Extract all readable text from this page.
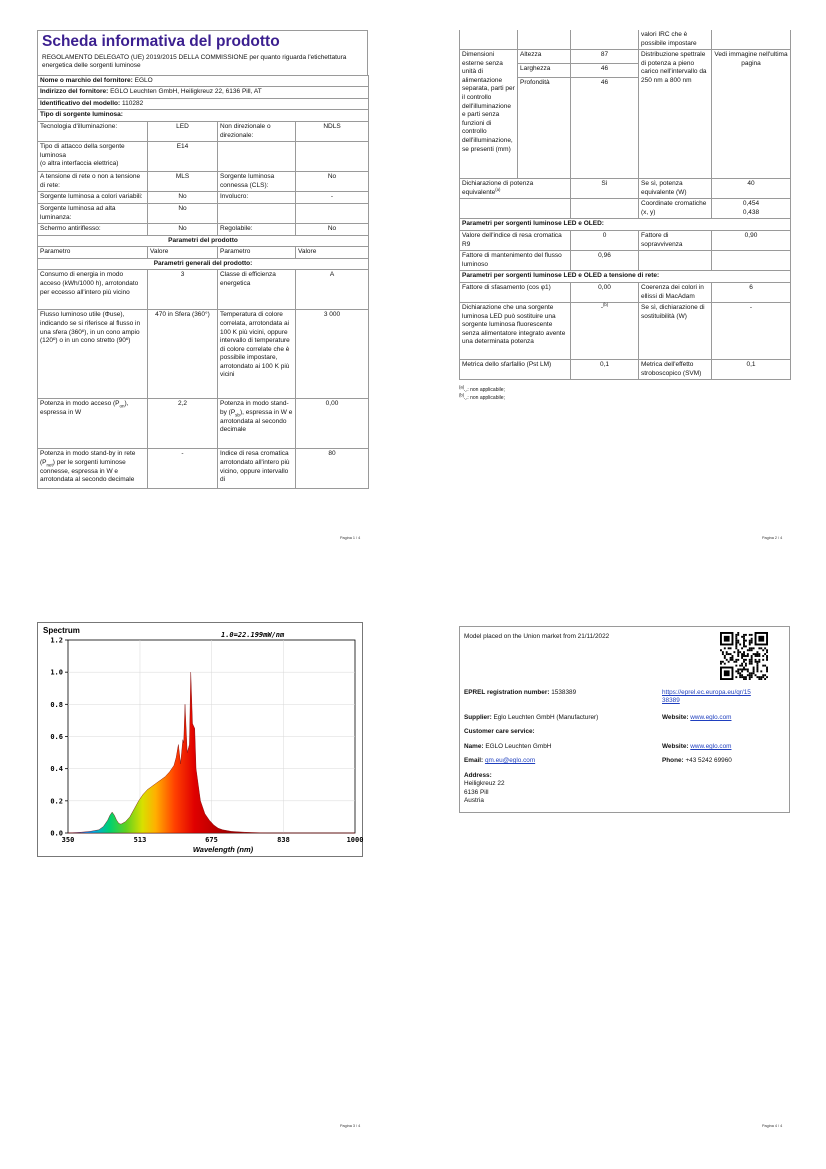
Scheda informativa del prodotto
REGOLAMENTO DELEGATO (UE) 2019/2015 DELLA COMMISSIONE per quanto riguarda l'etichettatura energetica delle sorgenti luminose
Nome o marchio del fornitore: EGLO			
Indirizzo del fornitore: EGLO Leuchten GmbH, Heiligkreuz 22, 6136 Pill, AT			
Identificativo del modello: 110282			
Tipo di sorgente luminosa:			
Tecnologia d'illuminazione:	LED	Non direzionale o direzionale:	NDLS

Tipo di attacco della sorgente luminosa
(o altra interfaccia elettrica)	E14		
A tensione di rete o non a tensione di rete:	MLS	Sorgente luminosa connessa (CLS):	No
Sorgente luminosa a colori variabili:	No	Involucro:	-
Sorgente luminosa ad alta luminanza:	No		
Schermo antiriflesso:	No	Regolabile:	No
Parametri del prodotto			
Parametro	Valore	Parametro	Valore
Parametri generali del prodotto:			
Consumo di energia in modo acceso (kWh/1000 h), arrotondato per eccesso all'intero più vicino	3	Classe di efficienza energetica	A
Flusso luminoso utile (Φuse), indicando se si riferisce al flusso in una sfera (360º), in un cono ampio (120º) o in un cono stretto (90º)	470 in Sfera (360°)	Temperatura di colore correlata, arrotondata ai 100 K più vicini, oppure intervallo di temperature di colore correlate che è possibile impostare, arrotondato ai 100 K più vicini	3 000
Potenza in modo acceso $(P_{on})$, espressa in W	2,2	Potenza in modo stand-by $(P_{sb})$, espressa in W e arrotondata al secondo decimale	0,00
Potenza in modo stand-by in rete $(P_{net})$ per le sorgenti luminose connesse, espressa in W e arrotondata al secondo decimale	-	Indice di resa cromatica arrotondato all'intero più vicino, oppure intervallo di	80
Pagina 1 / 4
			valori IRC che è possibile impostare	
Dimensioni esterne senza unità di alimentazione separata, parti per il controllo dell'illuminazione e parti senza funzioni di controllo dell'illuminazione, se presenti (mm)	Altezza	87	Distribuzione spettrale di potenza a pieno carico nell'intervallo da 250 nm a 800 nm	Vedi immagine nell'ultima pagina
	Larghezza	46		
	Profondità	46		
Dichiarazione di potenza equivalente$^{(a)}$		Sì	Se sì, potenza equivalente (W)	40
			Coordinate cromatiche (x, y)	0,454
0,438

Parametri per sorgenti luminose LED e OLED:				
Valore dell'indice di resa cromatica R9		0	Fattore di sopravvivenza	0,90
Fattore di mantenimento del flusso luminoso		0,96		
Parametri per sorgenti luminose LED e OLED a tensione di rete:				
Fattore di sfasamento (cos φ1)		0,00	Coerenza dei colori in ellissi di MacAdam	6
Dichiarazione che una sorgente luminosa LED può sostituire una sorgente luminosa fluorescente senza alimentatore integrato avente una determinata potenza		-$^{(b)}$	Se sì, dichiarazione di sostituibilità (W)	-
Metrica dello sfarfallio (Pst LM)		0,1	Metrica dell'effetto stroboscopico (SVM)	0,1
$^{(a)}_{'-'}$: non applicabile;
$^{(b)}_{'-'}$: non applicabile;
Pagina 2 / 4
Spectrum	1.0=22.199mW/nm
0.0
0.2
0.4
0.6
0.8
1.0
1.2
350	513	675	838	1000
Wavelength (nm)
Pagina 3 / 4
Model placed on the Union market from 21/11/2022
EPREL registration number: 1538389	https://eprel.ec.europa.eu/qr/15
38389
Supplier: Eglo Leuchten GmbH (Manufacturer)	Website: www.eglo.com
Customer care service:
Name: EGLO Leuchten GmbH	Website: www.eglo.com
Email: qm.eu@eglo.com	Phone: +43 5242 69960
Address:
Heiligkreuz 22
6136 Pill
Austria
Pagina 4 / 4
